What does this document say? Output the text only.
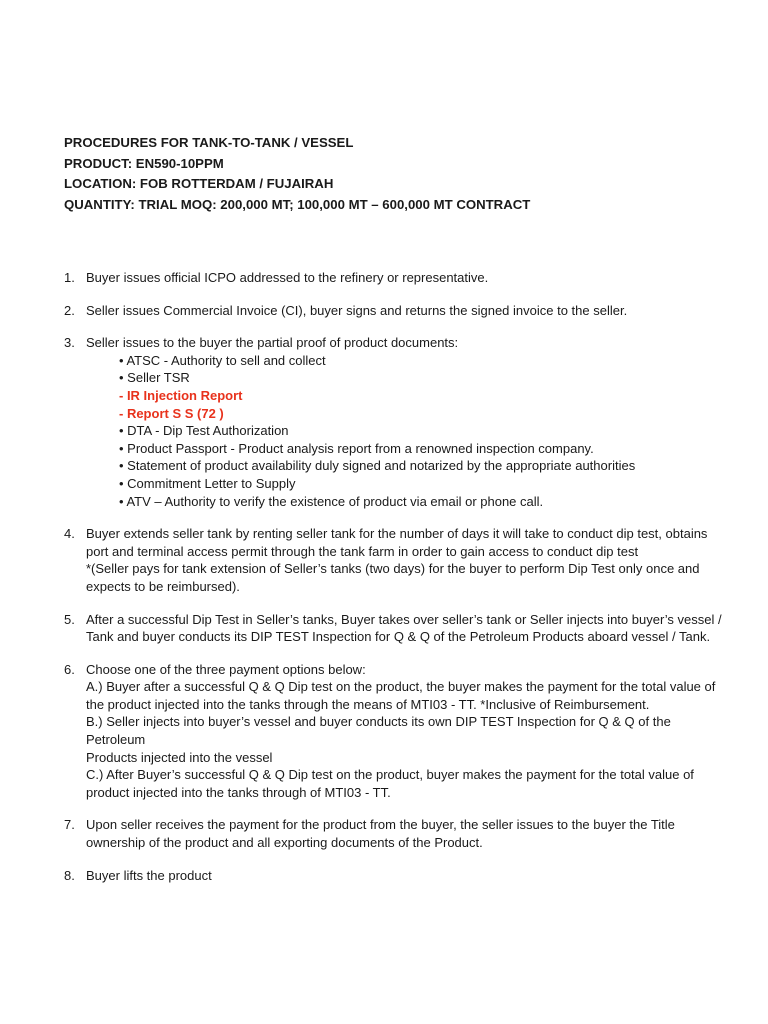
PROCEDURES FOR TANK-TO-TANK / VESSEL
PRODUCT: EN590-10PPM
LOCATION: FOB ROTTERDAM / FUJAIRAH
QUANTITY: TRIAL MOQ: 200,000 MT; 100,000 MT – 600,000 MT CONTRACT
1. Buyer issues official ICPO addressed to the refinery or representative.
2. Seller issues Commercial Invoice (CI), buyer signs and returns the signed invoice to the seller.
3. Seller issues to the buyer the partial proof of product documents:
• ATSC - Authority to sell and collect
• Seller TSR
- IR Injection Report
- Report S S (72 )
• DTA - Dip Test Authorization
• Product Passport - Product analysis report from a renowned inspection company.
• Statement of product availability duly signed and notarized by the appropriate authorities
• Commitment Letter to Supply
• ATV – Authority to verify the existence of product via email or phone call.
4. Buyer extends seller tank by renting seller tank for the number of days it will take to conduct dip test, obtains
port and terminal access permit through the tank farm in order to gain access to conduct dip test
*(Seller pays for tank extension of Seller’s tanks (two days) for the buyer to perform Dip Test only once and
expects to be reimbursed).
5. After a successful Dip Test in Seller’s tanks, Buyer takes over seller’s tank or Seller injects into buyer’s vessel /
Tank and buyer conducts its DIP TEST Inspection for Q & Q of the Petroleum Products aboard vessel / Tank.
6. Choose one of the three payment options below:
A.) Buyer after a successful Q & Q Dip test on the product, the buyer makes the payment for the total value of
the product injected into the tanks through the means of MTI03 - TT. *Inclusive of Reimbursement.
B.) Seller injects into buyer’s vessel and buyer conducts its own DIP TEST Inspection for Q & Q of the Petroleum
Products injected into the vessel
C.) After Buyer’s successful Q & Q Dip test on the product, buyer makes the payment for the total value of
product injected into the tanks through of MTI03 - TT.
7. Upon seller receives the payment for the product from the buyer, the seller issues to the buyer the Title
ownership of the product and all exporting documents of the Product.
8. Buyer lifts the product
